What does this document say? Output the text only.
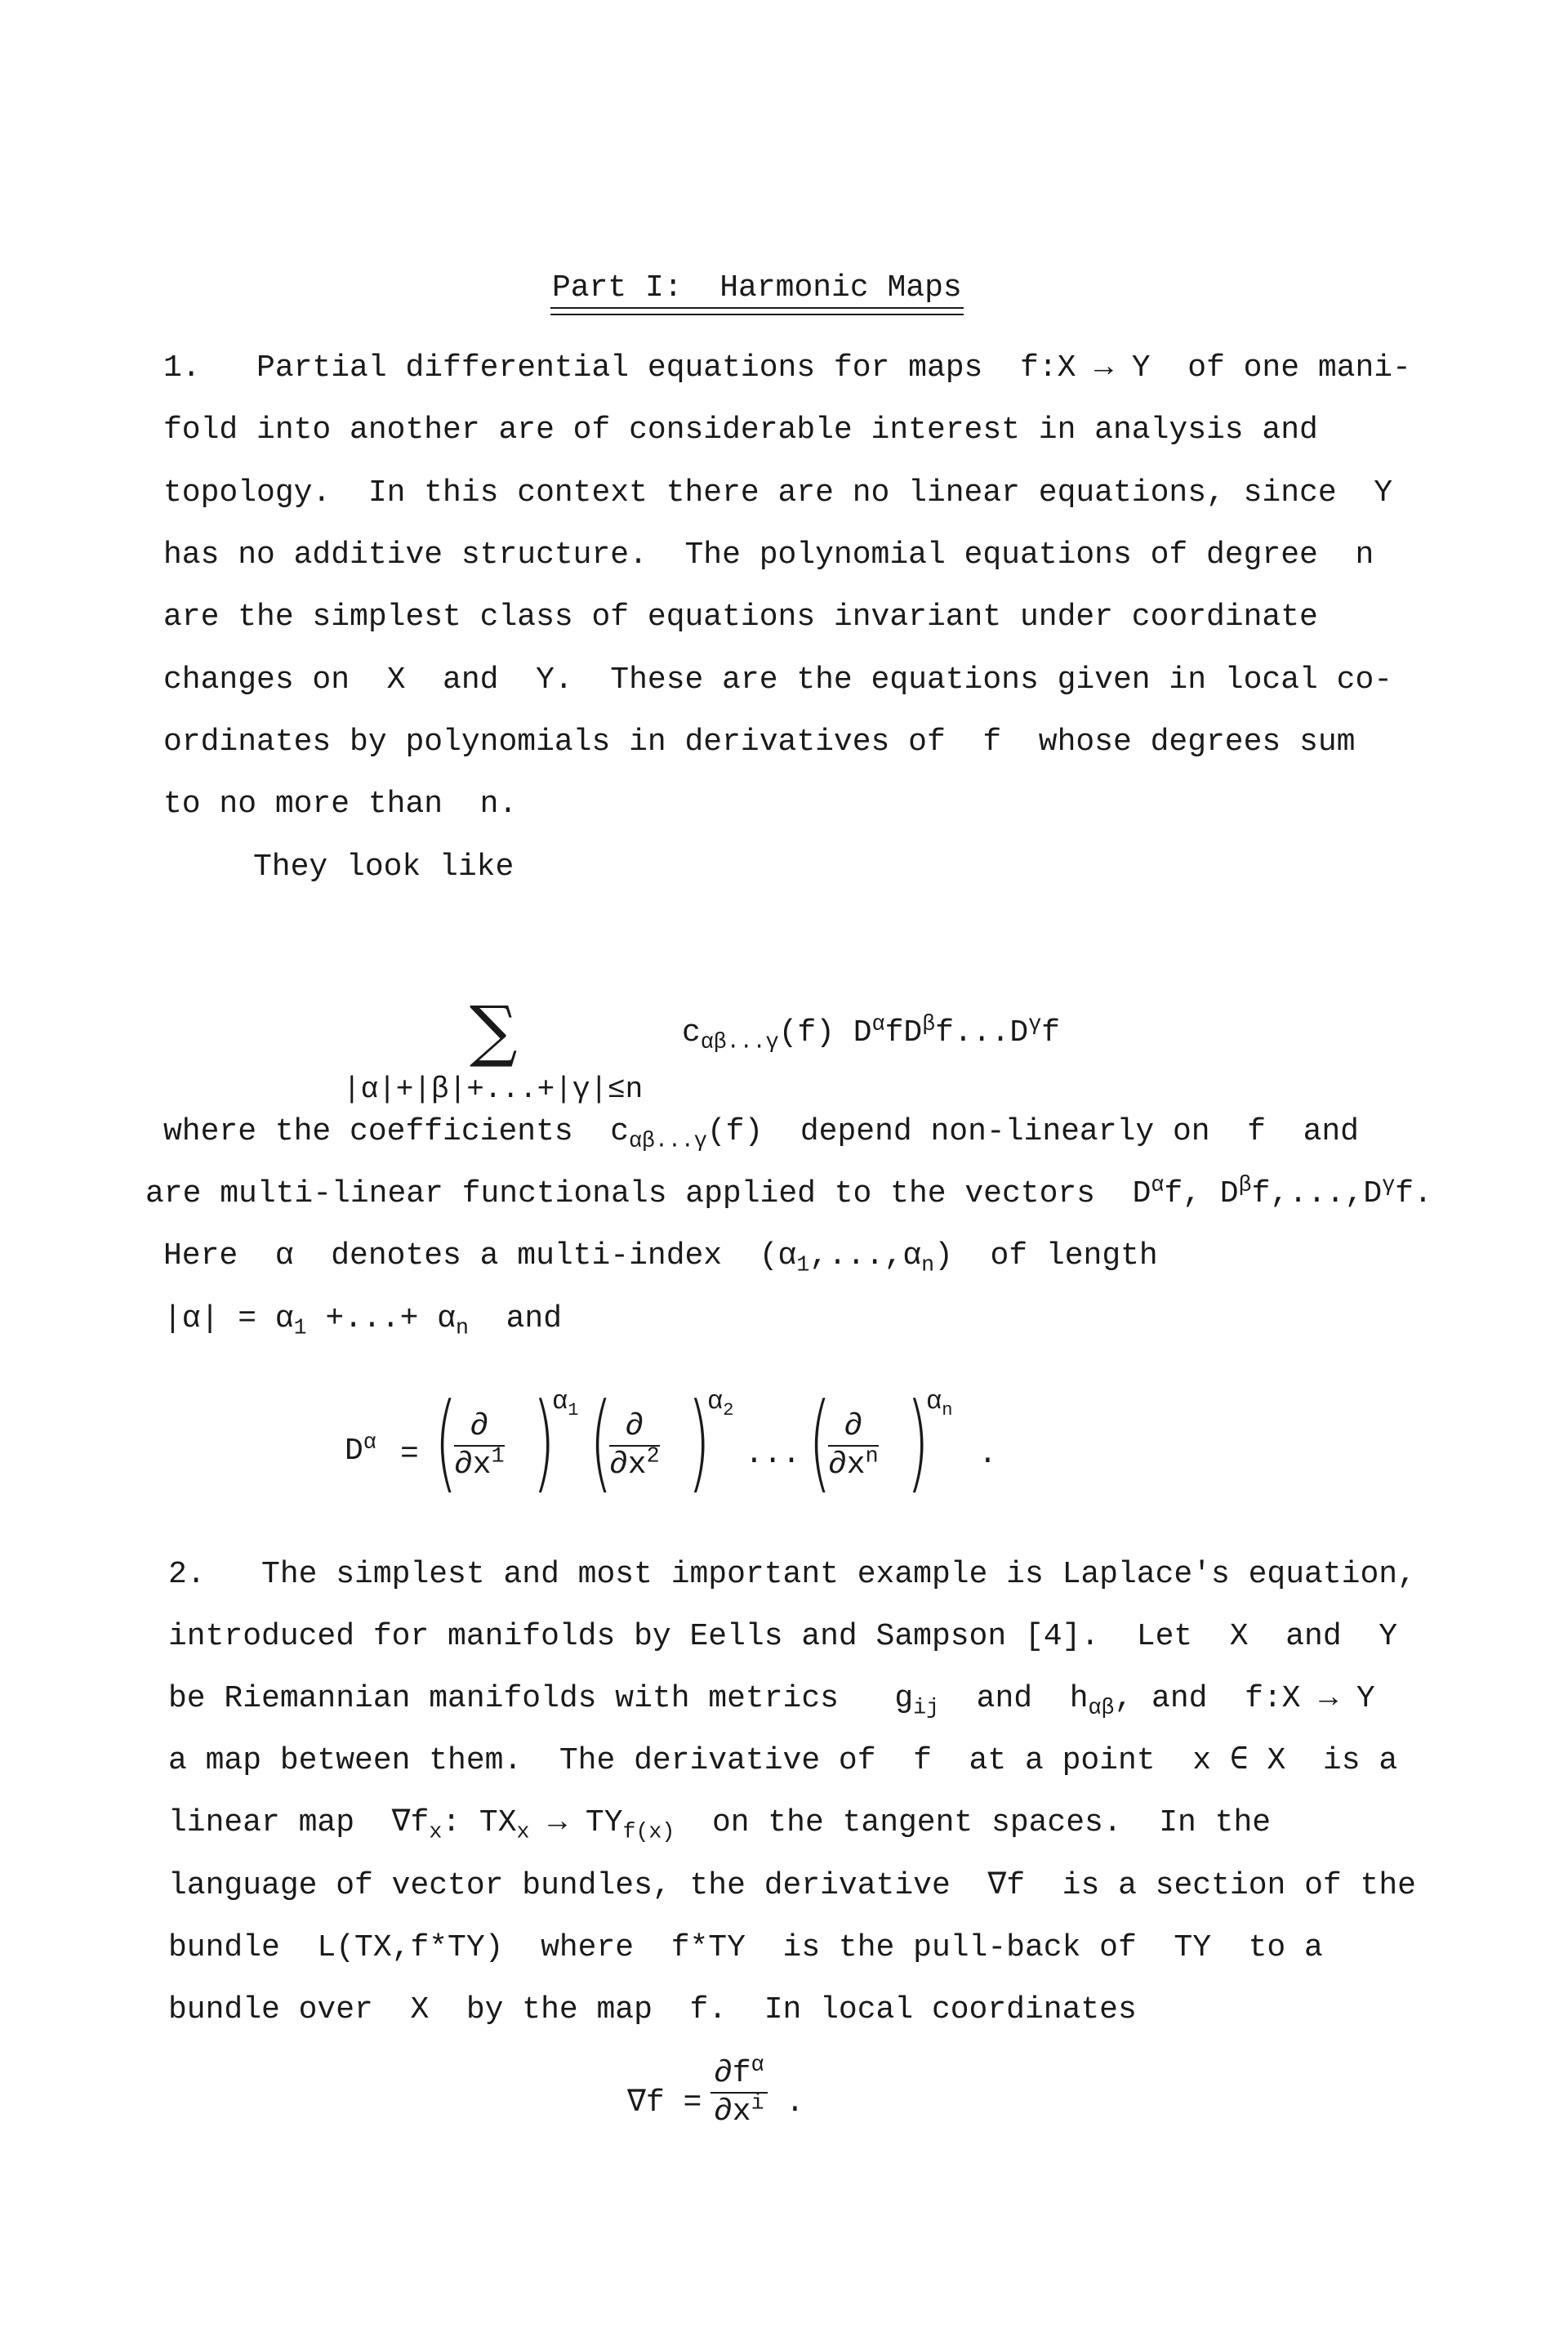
Part I:  Harmonic Maps
1.   Partial differential equations for maps  f:X → Y  of one mani-
fold into another are of considerable interest in analysis and
topology.  In this context there are no linear equations, since  Y
has no additive structure.  The polynomial equations of degree  n
are the simplest class of equations invariant under coordinate
changes on  X  and  Y.  These are the equations given in local co-
ordinates by polynomials in derivatives of  f  whose degrees sum
to no more than  n.
They look like
∑
|α|+|β|+...+|γ|≤n
$c_{\alpha\beta...\gamma}(f)$ $D^\alpha fD^\beta f...D^\gamma f$
where the coefficients  $c_{\alpha\beta...\gamma}(f)$  depend non-linearly on  f  and
are multi-linear functionals applied to the vectors  $D^\alpha f$, $D^\beta f,...,D^\gamma f$.
Here  α  denotes a multi-index  $(\alpha_1,...,\alpha_n)$  of length
$|\alpha| = \alpha_1$ +...+ $\alpha_n$  and
$D^\alpha$ = ( ∂
$\partial x^1$ )
$\alpha_1$ ( ∂
$\partial x^2$ )
$\alpha_2$
... ( ∂
$\partial x^n$ )
$\alpha_n$
.
2.   The simplest and most important example is Laplace's equation,
introduced for manifolds by Eells and Sampson [4].  Let  X  and  Y
be Riemannian manifolds with metrics   $g_{ij}$  and  $h_{\alpha\beta}$, and  f:X → Y
a map between them.  The derivative of  f  at a point  x ∈ X  is a
linear map  $\nabla f_x$: $TX_x \to TY_{f(x)}$  on the tangent spaces.  In the
language of vector bundles, the derivative  ∇f  is a section of the
bundle  L(TX,f*TY)  where  f*TY  is the pull-back of  TY  to a
bundle over  X  by the map  f.  In local coordinates
$\nabla f = \frac{\partial f^\alpha}{\partial x^i}$ .
